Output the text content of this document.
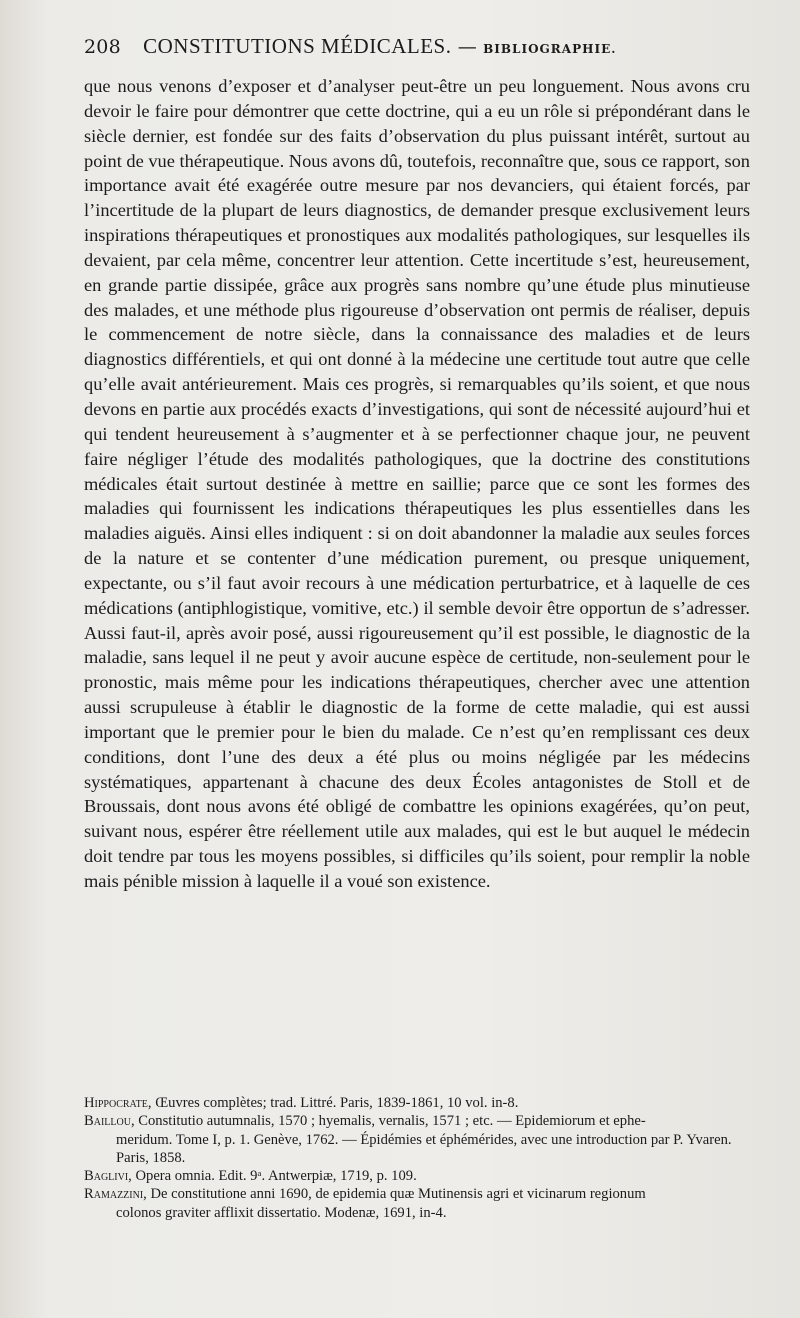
208 CONSTITUTIONS MÉDICALES. — BIBLIOGRAPHIE.

que nous venons d’exposer et d’analyser peut-être un peu longuement. Nous avons cru devoir le faire pour démontrer que cette doctrine, qui a eu un rôle si prépondérant dans le siècle dernier, est fondée sur des faits d’observation du plus puissant intérêt, surtout au point de vue thérapeutique. Nous avons dû, toutefois, reconnaître que, sous ce rapport, son importance avait été exagérée outre mesure par nos devanciers, qui étaient forcés, par l’incertitude de la plupart de leurs diagnostics, de demander presque exclusivement leurs inspirations thérapeutiques et pronostiques aux modalités pathologiques, sur lesquelles ils devaient, par cela même, concentrer leur attention. Cette incertitude s’est, heureusement, en grande partie dissipée, grâce aux progrès sans nombre qu’une étude plus minutieuse des malades, et une méthode plus rigoureuse d’observation ont permis de réaliser, depuis le commencement de notre siècle, dans la connaissance des maladies et de leurs diagnostics différentiels, et qui ont donné à la médecine une certitude tout autre que celle qu’elle avait antérieurement. Mais ces progrès, si remarquables qu’ils soient, et que nous devons en partie aux procédés exacts d’investigations, qui sont de nécessité aujourd’hui et qui tendent heureusement à s’augmenter et à se perfectionner chaque jour, ne peuvent faire négliger l’étude des modalités pathologiques, que la doctrine des constitutions médicales était surtout destinée à mettre en saillie; parce que ce sont les formes des maladies qui fournissent les indications thérapeutiques les plus essentielles dans les maladies aiguës. Ainsi elles indiquent : si on doit abandonner la maladie aux seules forces de la nature et se contenter d’une médication purement, ou presque uniquement, expectante, ou s’il faut avoir recours à une médication perturbatrice, et à laquelle de ces médications (antiphlogistique, vomitive, etc.) il semble devoir être opportun de s’adresser. Aussi faut-il, après avoir posé, aussi rigoureusement qu’il est possible, le diagnostic de la maladie, sans lequel il ne peut y avoir aucune espèce de certitude, non-seulement pour le pronostic, mais même pour les indications thérapeutiques, chercher avec une attention aussi scrupuleuse à établir le diagnostic de la forme de cette maladie, qui est aussi important que le premier pour le bien du malade. Ce n’est qu’en remplissant ces deux conditions, dont l’une des deux a été plus ou moins négligée par les médecins systématiques, appartenant à chacune des deux Écoles antagonistes de Stoll et de Broussais, dont nous avons été obligé de combattre les opinions exagérées, qu’on peut, suivant nous, espérer être réellement utile aux malades, qui est le but auquel le médecin doit tendre par tous les moyens possibles, si difficiles qu’ils soient, pour remplir la noble mais pénible mission à laquelle il a voué son existence.

Hippocrate, Œuvres complètes; trad. Littré. Paris, 1839-1861, 10 vol. in-8.
Baillou, Constitutio autumnalis, 1570 ; hyemalis, vernalis, 1571 ; etc. — Epidemiorum et ephe-
meridum. Tome I, p. 1. Genève, 1762. — Épidémies et éphémérides, avec une introduction par P. Yvaren. Paris, 1858.
Baglivi, Opera omnia. Edit. 9ᵃ. Antwerpiæ, 1719, p. 109.
Ramazzini, De constitutione anni 1690, de epidemia quæ Mutinensis agri et vicinarum regionum
colonos graviter afflixit dissertatio. Modenæ, 1691, in-4.
